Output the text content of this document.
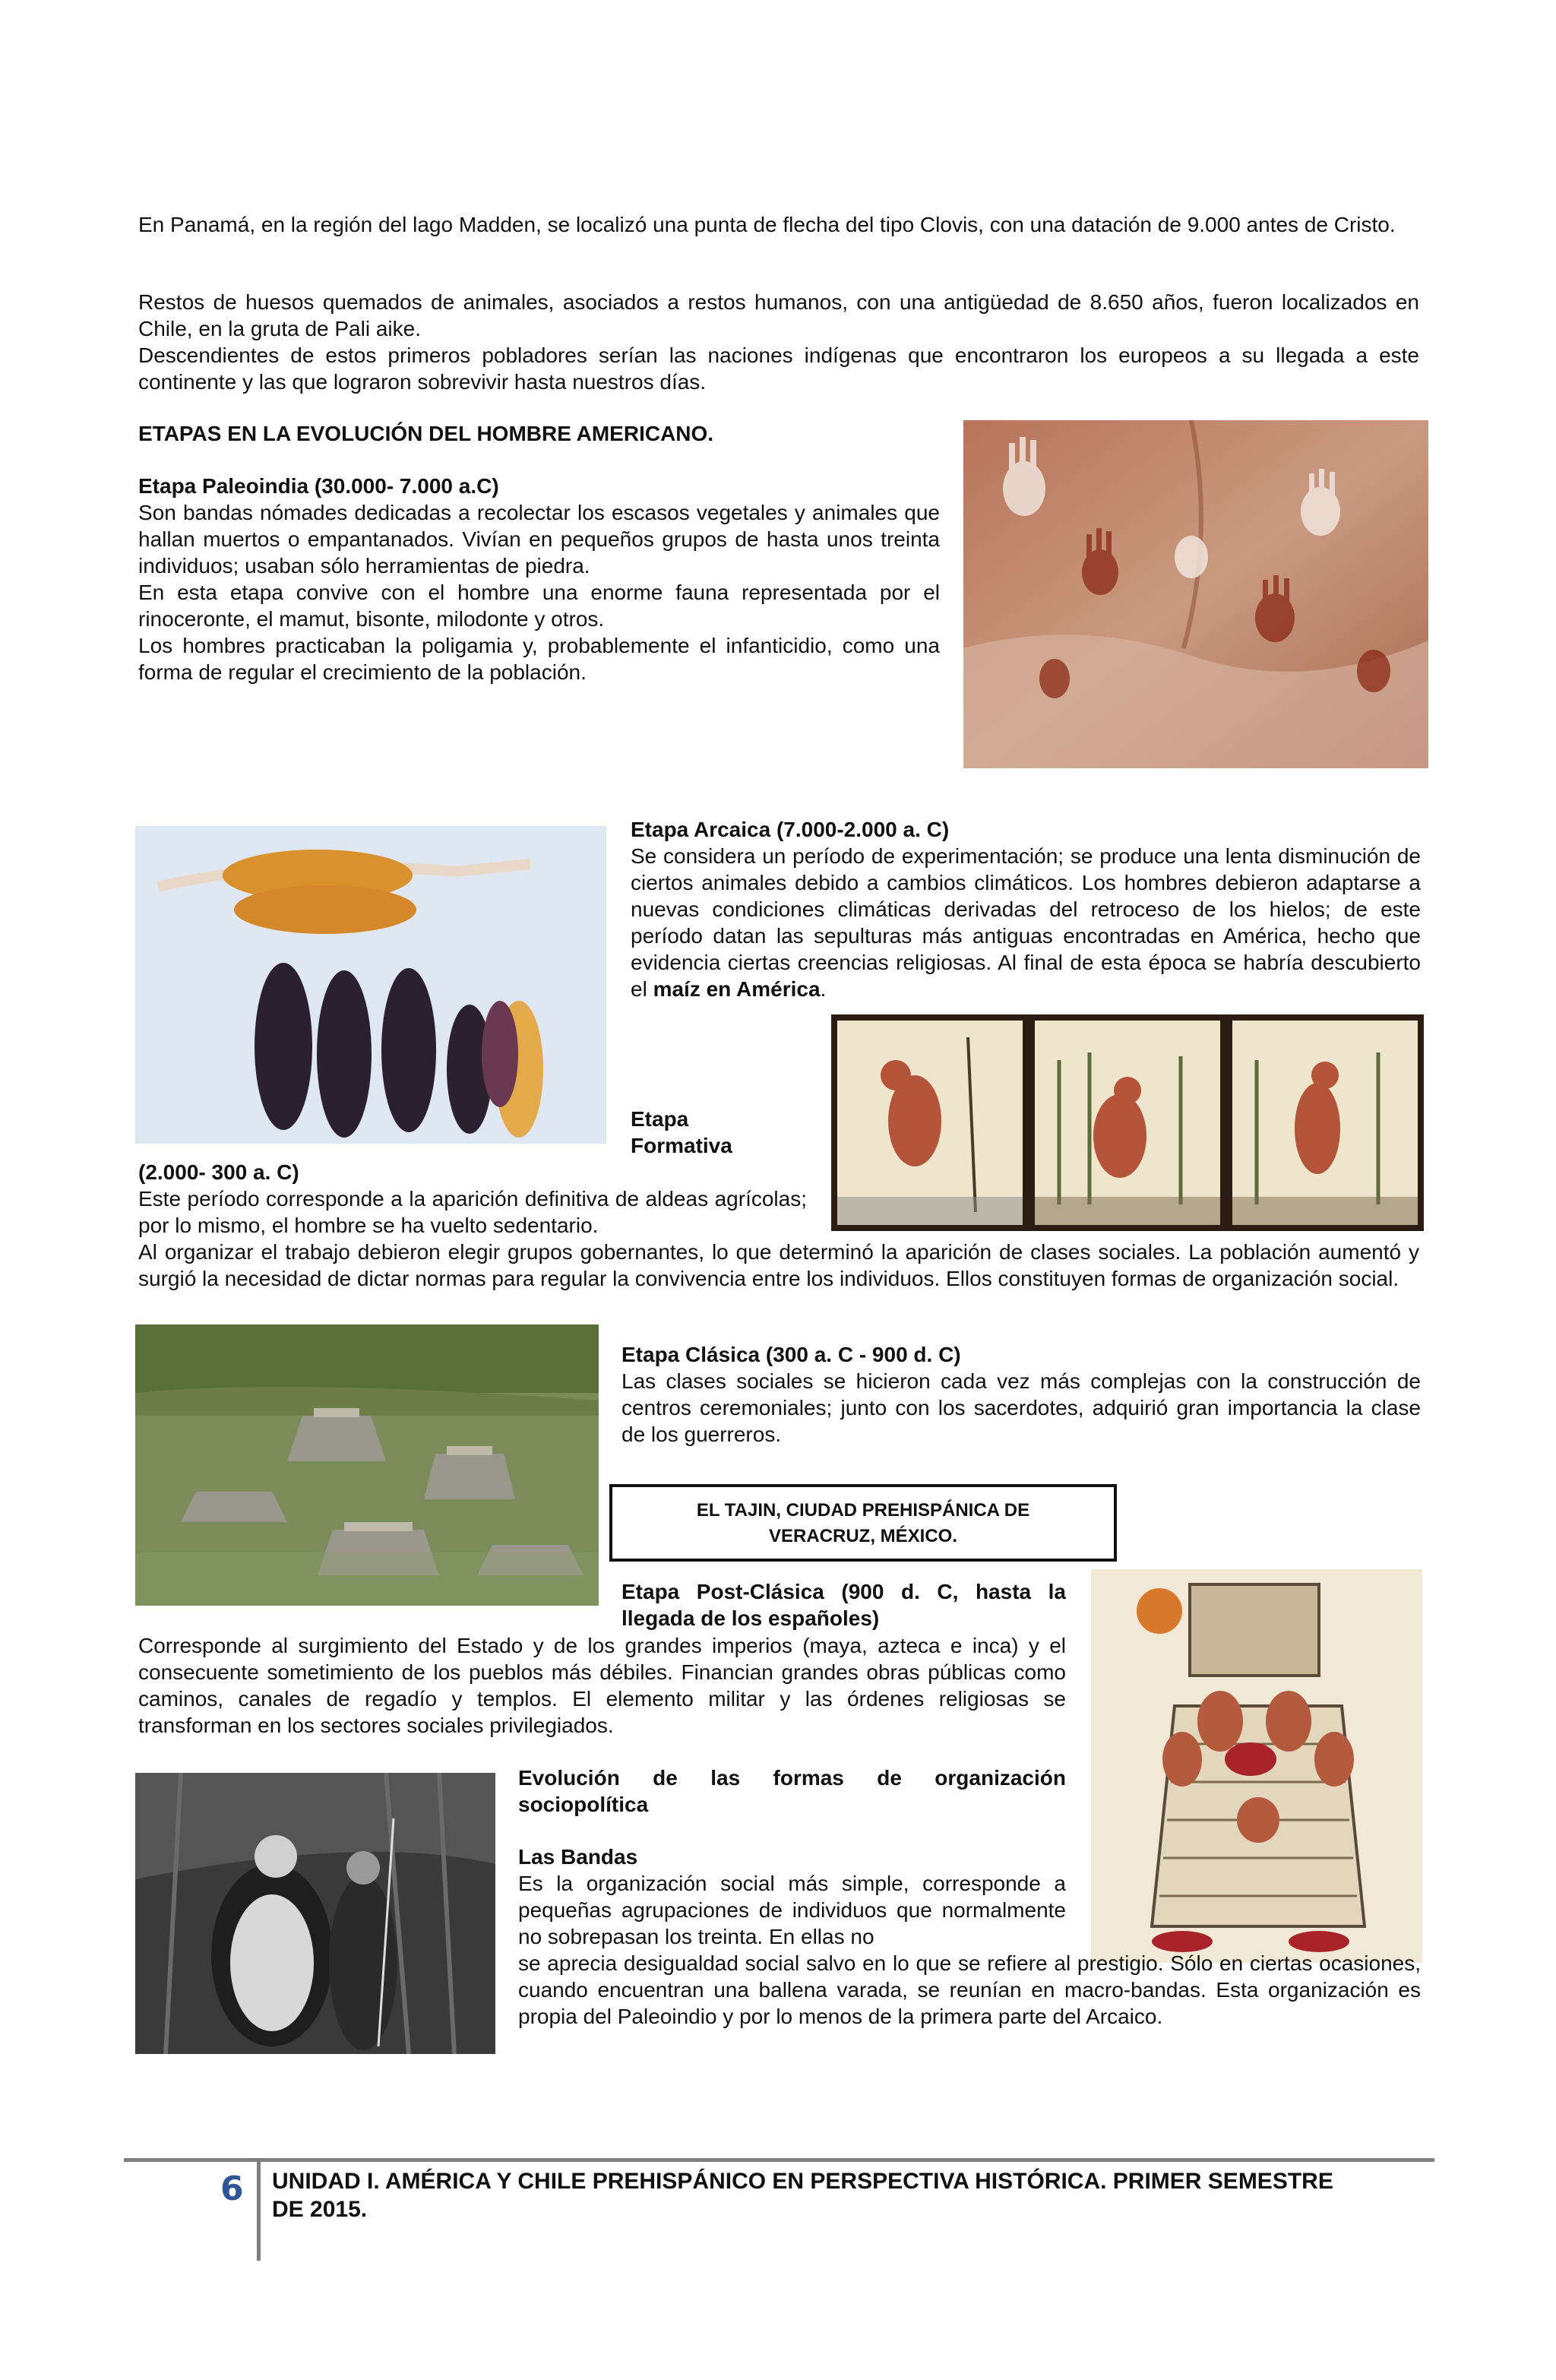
En Panamá, en la región del lago Madden, se localizó una punta de flecha del tipo Clovis, con una datación de 9.000 antes de Cristo.
Restos de huesos quemados de animales, asociados a restos humanos, con una antigüedad de 8.650 años, fueron localizados en Chile, en la gruta de Pali aike.
Descendientes de estos primeros pobladores serían las naciones indígenas que encontraron los europeos a su llegada a este continente y las que lograron sobrevivir hasta nuestros días.
ETAPAS EN LA EVOLUCIÓN DEL HOMBRE AMERICANO.
Etapa Paleoindia (30.000- 7.000 a.C)
Son bandas nómades dedicadas a recolectar los escasos vegetales y animales que hallan muertos o empantanados. Vivían en pequeños grupos de hasta unos treinta individuos; usaban sólo herramientas de piedra.
En esta etapa convive con el hombre una enorme fauna representada por el rinoceronte, el mamut, bisonte, milodonte y otros.
Los hombres practicaban la poligamia y, probablemente el infanticidio, como una forma de regular el crecimiento de la población.
Etapa Arcaica (7.000-2.000 a. C)
Se considera un período de experimentación; se produce una lenta disminución de ciertos animales debido a cambios climáticos. Los hombres debieron adaptarse a nuevas condiciones climáticas derivadas del retroceso de los hielos; de este período datan las sepulturas más antiguas encontradas en América, hecho que evidencia ciertas creencias religiosas. Al final de esta época se habría descubierto el maíz en América.
Etapa
Formativa
(2.000- 300 a. C)
Este período corresponde a la aparición definitiva de aldeas agrícolas; por lo mismo, el hombre se ha vuelto sedentario.
Al organizar el trabajo debieron elegir grupos gobernantes, lo que determinó la aparición de clases sociales. La población aumentó y surgió la necesidad de dictar normas para regular la convivencia entre los individuos. Ellos constituyen formas de organización social.
Etapa Clásica (300 a. C - 900 d. C)
Las clases sociales se hicieron cada vez más complejas con la construcción de centros ceremoniales; junto con los sacerdotes, adquirió gran importancia la clase de los guerreros.
EL TAJIN, CIUDAD PREHISPÁNICA DE
VERACRUZ, MÉXICO.
Etapa Post-Clásica (900 d. C, hasta la llegada de los españoles)
Corresponde al surgimiento del Estado y de los grandes imperios (maya, azteca e inca) y el consecuente sometimiento de los pueblos más débiles. Financian grandes obras públicas como caminos, canales de regadío y templos. El elemento militar y las órdenes religiosas se transforman en los sectores sociales privilegiados.
Evolución de las formas de organización sociopolítica
Las Bandas
Es la organización social más simple, corresponde a pequeñas agrupaciones de individuos que normalmente no sobrepasan los treinta. En ellas no
se aprecia desigualdad social salvo en lo que se refiere al prestigio. Sólo en ciertas ocasiones, cuando encuentran una ballena varada, se reunían en macro-bandas. Esta organización es propia del Paleoindio y por lo menos de la primera parte del Arcaico.
6 UNIDAD I. AMÉRICA Y CHILE PREHISPÁNICO EN PERSPECTIVA HISTÓRICA. PRIMER SEMESTRE DE 2015.
